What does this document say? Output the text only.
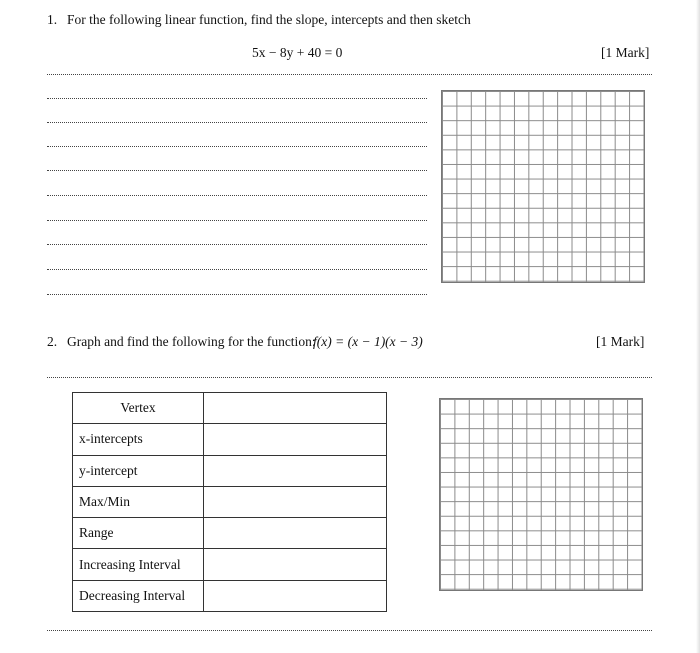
1. For the following linear function, find the slope, intercepts and then sketch
5x − 8y + 40 = 0	[1 Mark]
2. Graph and find the following for the function:
f(x) = (x − 1)(x − 3)	[1 Mark]
Vertex	
x-intercepts	
y-intercept	
Max/Min	
Range	
Increasing Interval	
Decreasing Interval	
